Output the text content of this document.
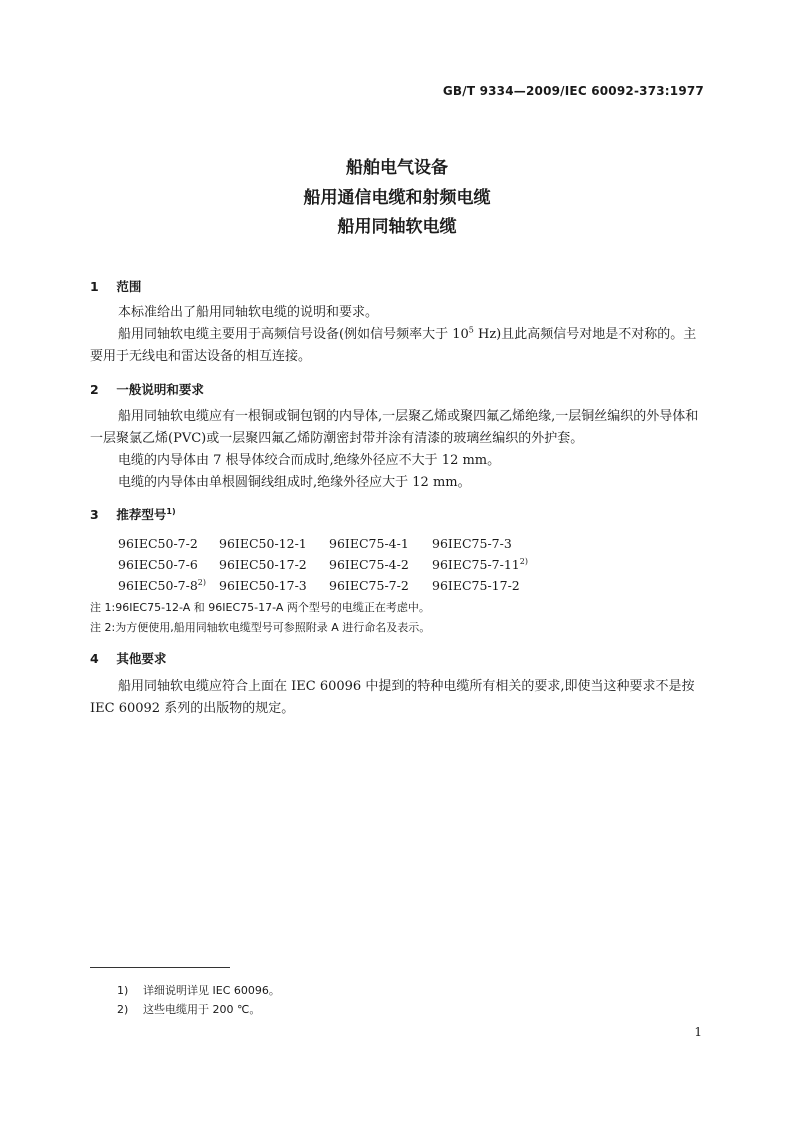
GB/T 9334—2009/IEC 60092-373:1977
船舶电气设备
船用通信电缆和射频电缆
船用同轴软电缆
1 范围
本标准给出了船用同轴软电缆的说明和要求。
船用同轴软电缆主要用于高频信号设备(例如信号频率大于 $10^5$ Hz)且此高频信号对地是不对称的。主要用于无线电和雷达设备的相互连接。
2 一般说明和要求
船用同轴软电缆应有一根铜或铜包钢的内导体,一层聚乙烯或聚四氟乙烯绝缘,一层铜丝编织的外导体和一层聚氯乙烯(PVC)或一层聚四氟乙烯防潮密封带并涂有清漆的玻璃丝编织的外护套。
电缆的内导体由 7 根导体绞合而成时,绝缘外径应不大于 12 mm。
电缆的内导体由单根圆铜线组成时,绝缘外径应大于 12 mm。
3 推荐型号$^{1)}$
96IEC50-7-2 96IEC50-12-1 96IEC75-4-1 96IEC75-7-3
96IEC50-7-6 96IEC50-17-2 96IEC75-4-2 96IEC75-7-11$^{2)}$
96IEC50-7-8$^{2)}$ 96IEC50-17-3 96IEC75-7-2 96IEC75-17-2
注 1:96IEC75-12-A 和 96IEC75-17-A 两个型号的电缆正在考虑中。
注 2:为方便使用,船用同轴软电缆型号可参照附录 A 进行命名及表示。
4 其他要求
船用同轴软电缆应符合上面在 IEC 60096 中提到的特种电缆所有相关的要求,即使当这种要求不是按 IEC 60092 系列的出版物的规定。
1) 详细说明详见 IEC 60096。
2) 这些电缆用于 200 ℃。
1
